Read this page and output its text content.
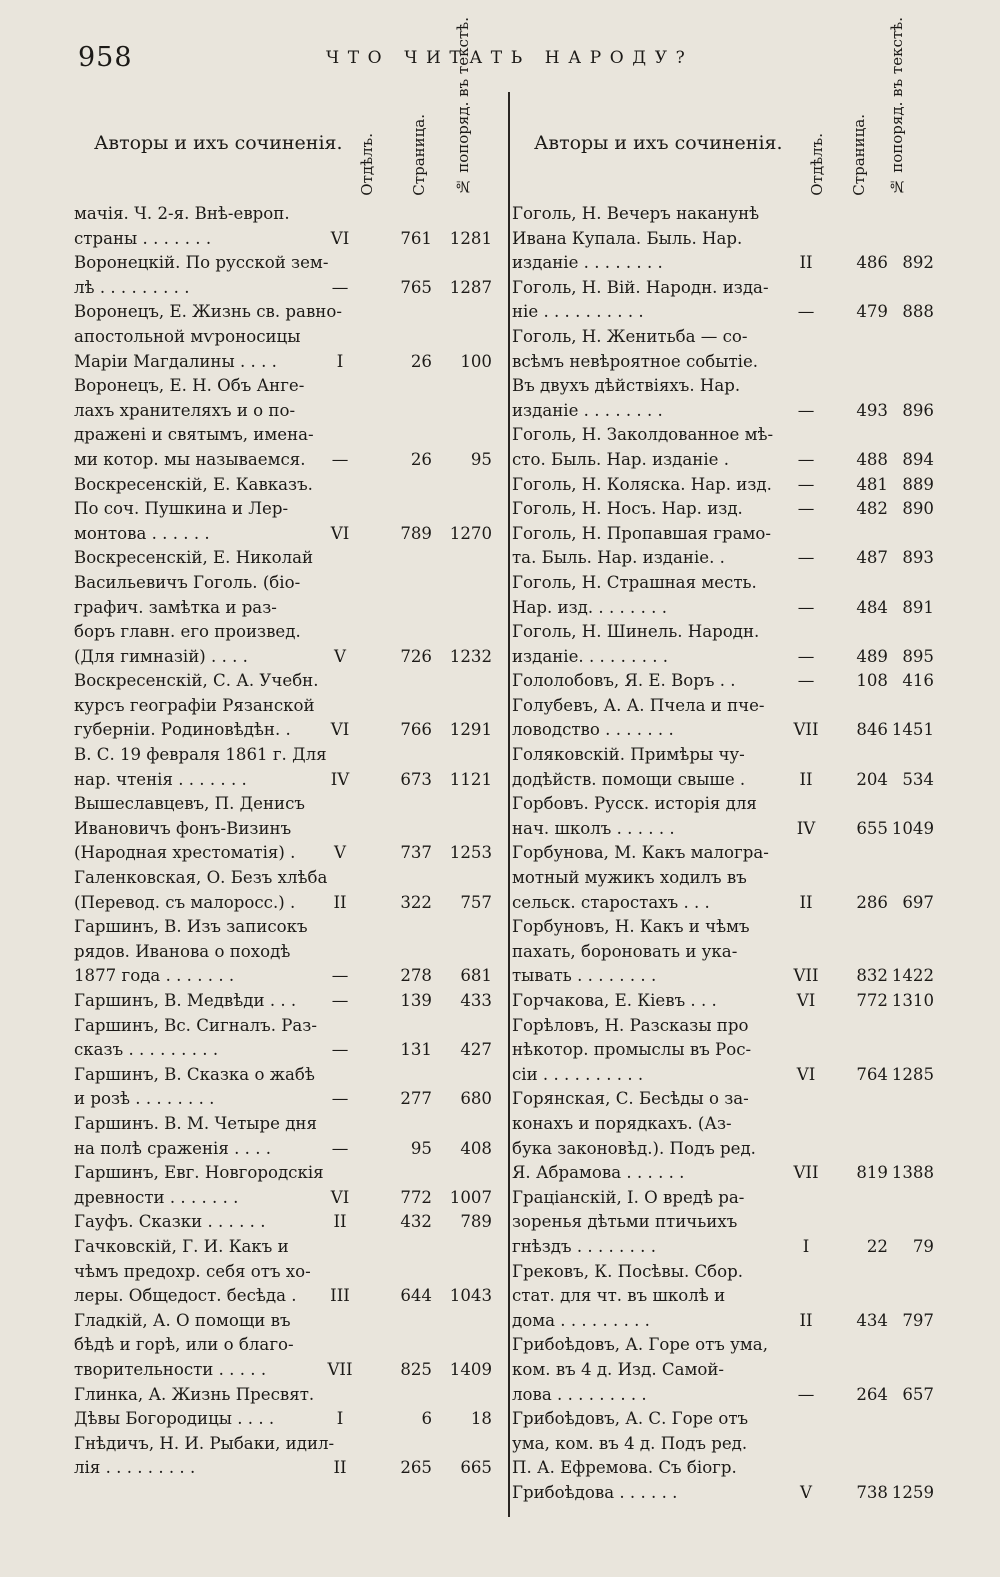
958	ЧТО ЧИТАТЬ НАРОДУ?
Авторы и ихъ сочиненія. Отдѣлъ. Страница. № попоряд. въ текстѣ.
мачія. Ч. 2-я. Внѣ-европ.
страны . . . . . . .	VI	761	1281
Воронецкій. По русской зем-
лѣ . . . . . . . . .	—	765	1287
Воронецъ, Е. Жизнь св. равно-
апостольной мѵроносицы
Маріи Магдалины . . . .	I	26	100
Воронецъ, Е. Н. Объ Анге-
лахъ хранителяхъ и о по-
дражені и святымъ, имена-
ми котор. мы называемся.	—	26	95
Воскресенскій, Е. Кавказъ.
По соч. Пушкина и Лер-
монтова . . . . . .	VI	789	1270
Воскресенскій, Е. Николай
Васильевичъ Гоголь. (біо-
графич. замѣтка и раз-
боръ главн. его произвед.
(Для гимназій) . . . .	V	726	1232
Воскресенскій, С. А. Учебн.
курсъ географіи Рязанской
губерніи. Родиновѣдѣн. .	VI	766	1291
В. С. 19 февраля 1861 г. Для
нар. чтенія . . . . . . .	IV	673	1121
Вышеславцевъ, П. Денисъ
Ивановичъ фонъ-Визинъ
(Народная хрестоматія) .	V	737	1253
Галенковская, О. Безъ хлѣба
(Перевод. съ малоросс.) .	II	322	757
Гаршинъ, В. Изъ записокъ
рядов. Иванова о походѣ
1877 года . . . . . . .	—	278	681
Гаршинъ, В. Медвѣди . . .	—	139	433
Гаршинъ, Вс. Сигналъ. Раз-
сказъ . . . . . . . . .	—	131	427
Гаршинъ, В. Сказка о жабѣ
и розѣ . . . . . . . .	—	277	680
Гаршинъ. В. М. Четыре дня
на полѣ сраженія . . . .	—	95	408
Гаршинъ, Евг. Новгородскія
древности . . . . . . .	VI	772	1007
Гауфъ. Сказки . . . . . .	II	432	789
Гачковскій, Г. И. Какъ и
чѣмъ предохр. себя отъ хо-
леры. Общедост. бесѣда .	III	644	1043
Гладкій, А. О помощи въ
бѣдѣ и горѣ, или о благо-
творительности . . . . .	VII	825	1409
Глинка, А. Жизнь Пресвят.
Дѣвы Богородицы . . . .	I	6	18
Гнѣдичъ, Н. И. Рыбаки, идил-
лія . . . . . . . . .	II	265	665
Авторы и ихъ сочиненія. Отдѣлъ. Страница. № попоряд. въ текстѣ.
Гоголь, Н. Вечеръ наканунѣ
Ивана Купала. Быль. Нар.
изданіе . . . . . . . .	II	486 892
Гоголь, Н. Вій. Народн. изда-
ніе . . . . . . . . . .	—	479 888
Гоголь, Н. Женитьба — со-
всѣмъ невѣроятное событіе.
Въ двухъ дѣйствіяхъ. Нар.
изданіе . . . . . . . .	—	493 896
Гоголь, Н. Заколдованное мѣ-
сто. Быль. Нар. изданіе .	—	488 894
Гоголь, Н. Коляска. Нар. изд.	—	481 889
Гоголь, Н. Носъ. Нар. изд.	—	482 890
Гоголь, Н. Пропавшая грамо-
та. Быль. Нар. изданіе. .	—	487 893
Гоголь, Н. Страшная месть.
Нар. изд. . . . . . . .	—	484 891
Гоголь, Н. Шинель. Народн.
изданіе. . . . . . . . .	—	489 895
Гололобовъ, Я. Е. Воръ . .	—	108 416
Голубевъ, А. А. Пчела и пче-
ловодство . . . . . . .	VII	846 1451
Голяковскій. Примѣры чу-
додѣйств. помощи свыше .	II	204 534
Горбовъ. Русск. исторія для
нач. школъ . . . . . .	IV	655 1049
Горбунова, М. Какъ малогра-
мотный мужикъ ходилъ въ
сельск. старостахъ . . .	II	286 697
Горбуновъ, Н. Какъ и чѣмъ
пахать, бороновать и ука-
тывать . . . . . . . .	VII	832 1422
Горчакова, Е. Кіевъ . . .	VI	772 1310
Горѣловъ, Н. Разсказы про
нѣкотор. промыслы въ Рос-
сіи . . . . . . . . . .	VI	764 1285
Горянская, С. Бесѣды о за-
конахъ и порядкахъ. (Аз-
бука законовѣд.). Подъ ред.
Я. Абрамова . . . . . .	VII	819 1388
Граціанскій, І. О вредѣ ра-
зоренья дѣтьми птичьихъ
гнѣздъ . . . . . . . .	I	22	79
Грековъ, К. Посѣвы. Сбор.
стат. для чт. въ школѣ и
дома . . . . . . . . .	II	434 797
Грибоѣдовъ, А. Горе отъ ума,
ком. въ 4 д. Изд. Самой-
лова . . . . . . . . .	—	264 657
Грибоѣдовъ, А. С. Горе отъ
ума, ком. въ 4 д. Подъ ред.
П. А. Ефремова. Съ біогр.
Грибоѣдова . . . . . .	V	738 1259
